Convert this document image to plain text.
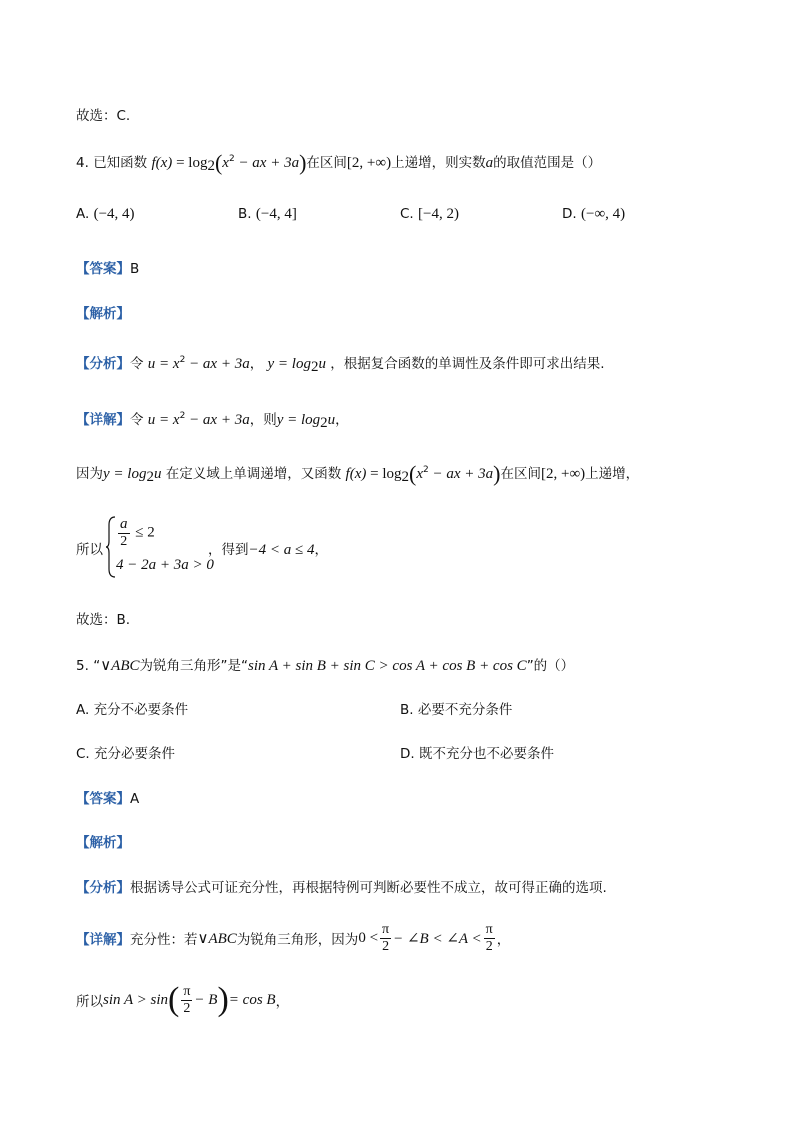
故选：C.
4. 已知函数 $f(x) = \log_2(x^2$ − ax + 3a)在区间[2, +∞)上递增，则实数a的取值范围是（）
A. (−4, 4)	B. (−4, 4]	C. [−4, 2)	D. (−∞, 4)
【答案】B
【解析】
【分析】令 $u = x^2$ − ax + 3a， $y = \log_2u$ ，根据复合函数的单调性及条件即可求出结果.
【详解】令 $u = x^2$ − ax + 3a，则$y = \log_2u$，
因为$y = \log_2u$ 在定义域上单调递增，又函数 $f(x) = \log_2(x^2$ − ax + 3a)在区间[2, +∞)上递增，
所以
$\frac{a}{2} \le 2$
4 − 2a + 3a > 0
，得到−4 < a ≤ 4，
故选：B.
5. “∨ABC为锐角三角形”是“sin A + sin B + sin C > cos A + cos B + cos C”的（）
A. 充分不必要条件	B. 必要不充分条件
C. 充分必要条件	D. 既不充分也不必要条件
【答案】A
【解析】
【分析】根据诱导公式可证充分性，再根据特例可判断必要性不成立，故可得正确的选项.
【详解】 充分性：若 ∨ABC 为锐角三角形，因为 $0 < \frac{\pi}{2}$ − ∠B < ∠A < $\frac{\pi}{2}$ ，
所以 sin A > sin ( $\frac{\pi}{2} - B$ ) = cos B ，
